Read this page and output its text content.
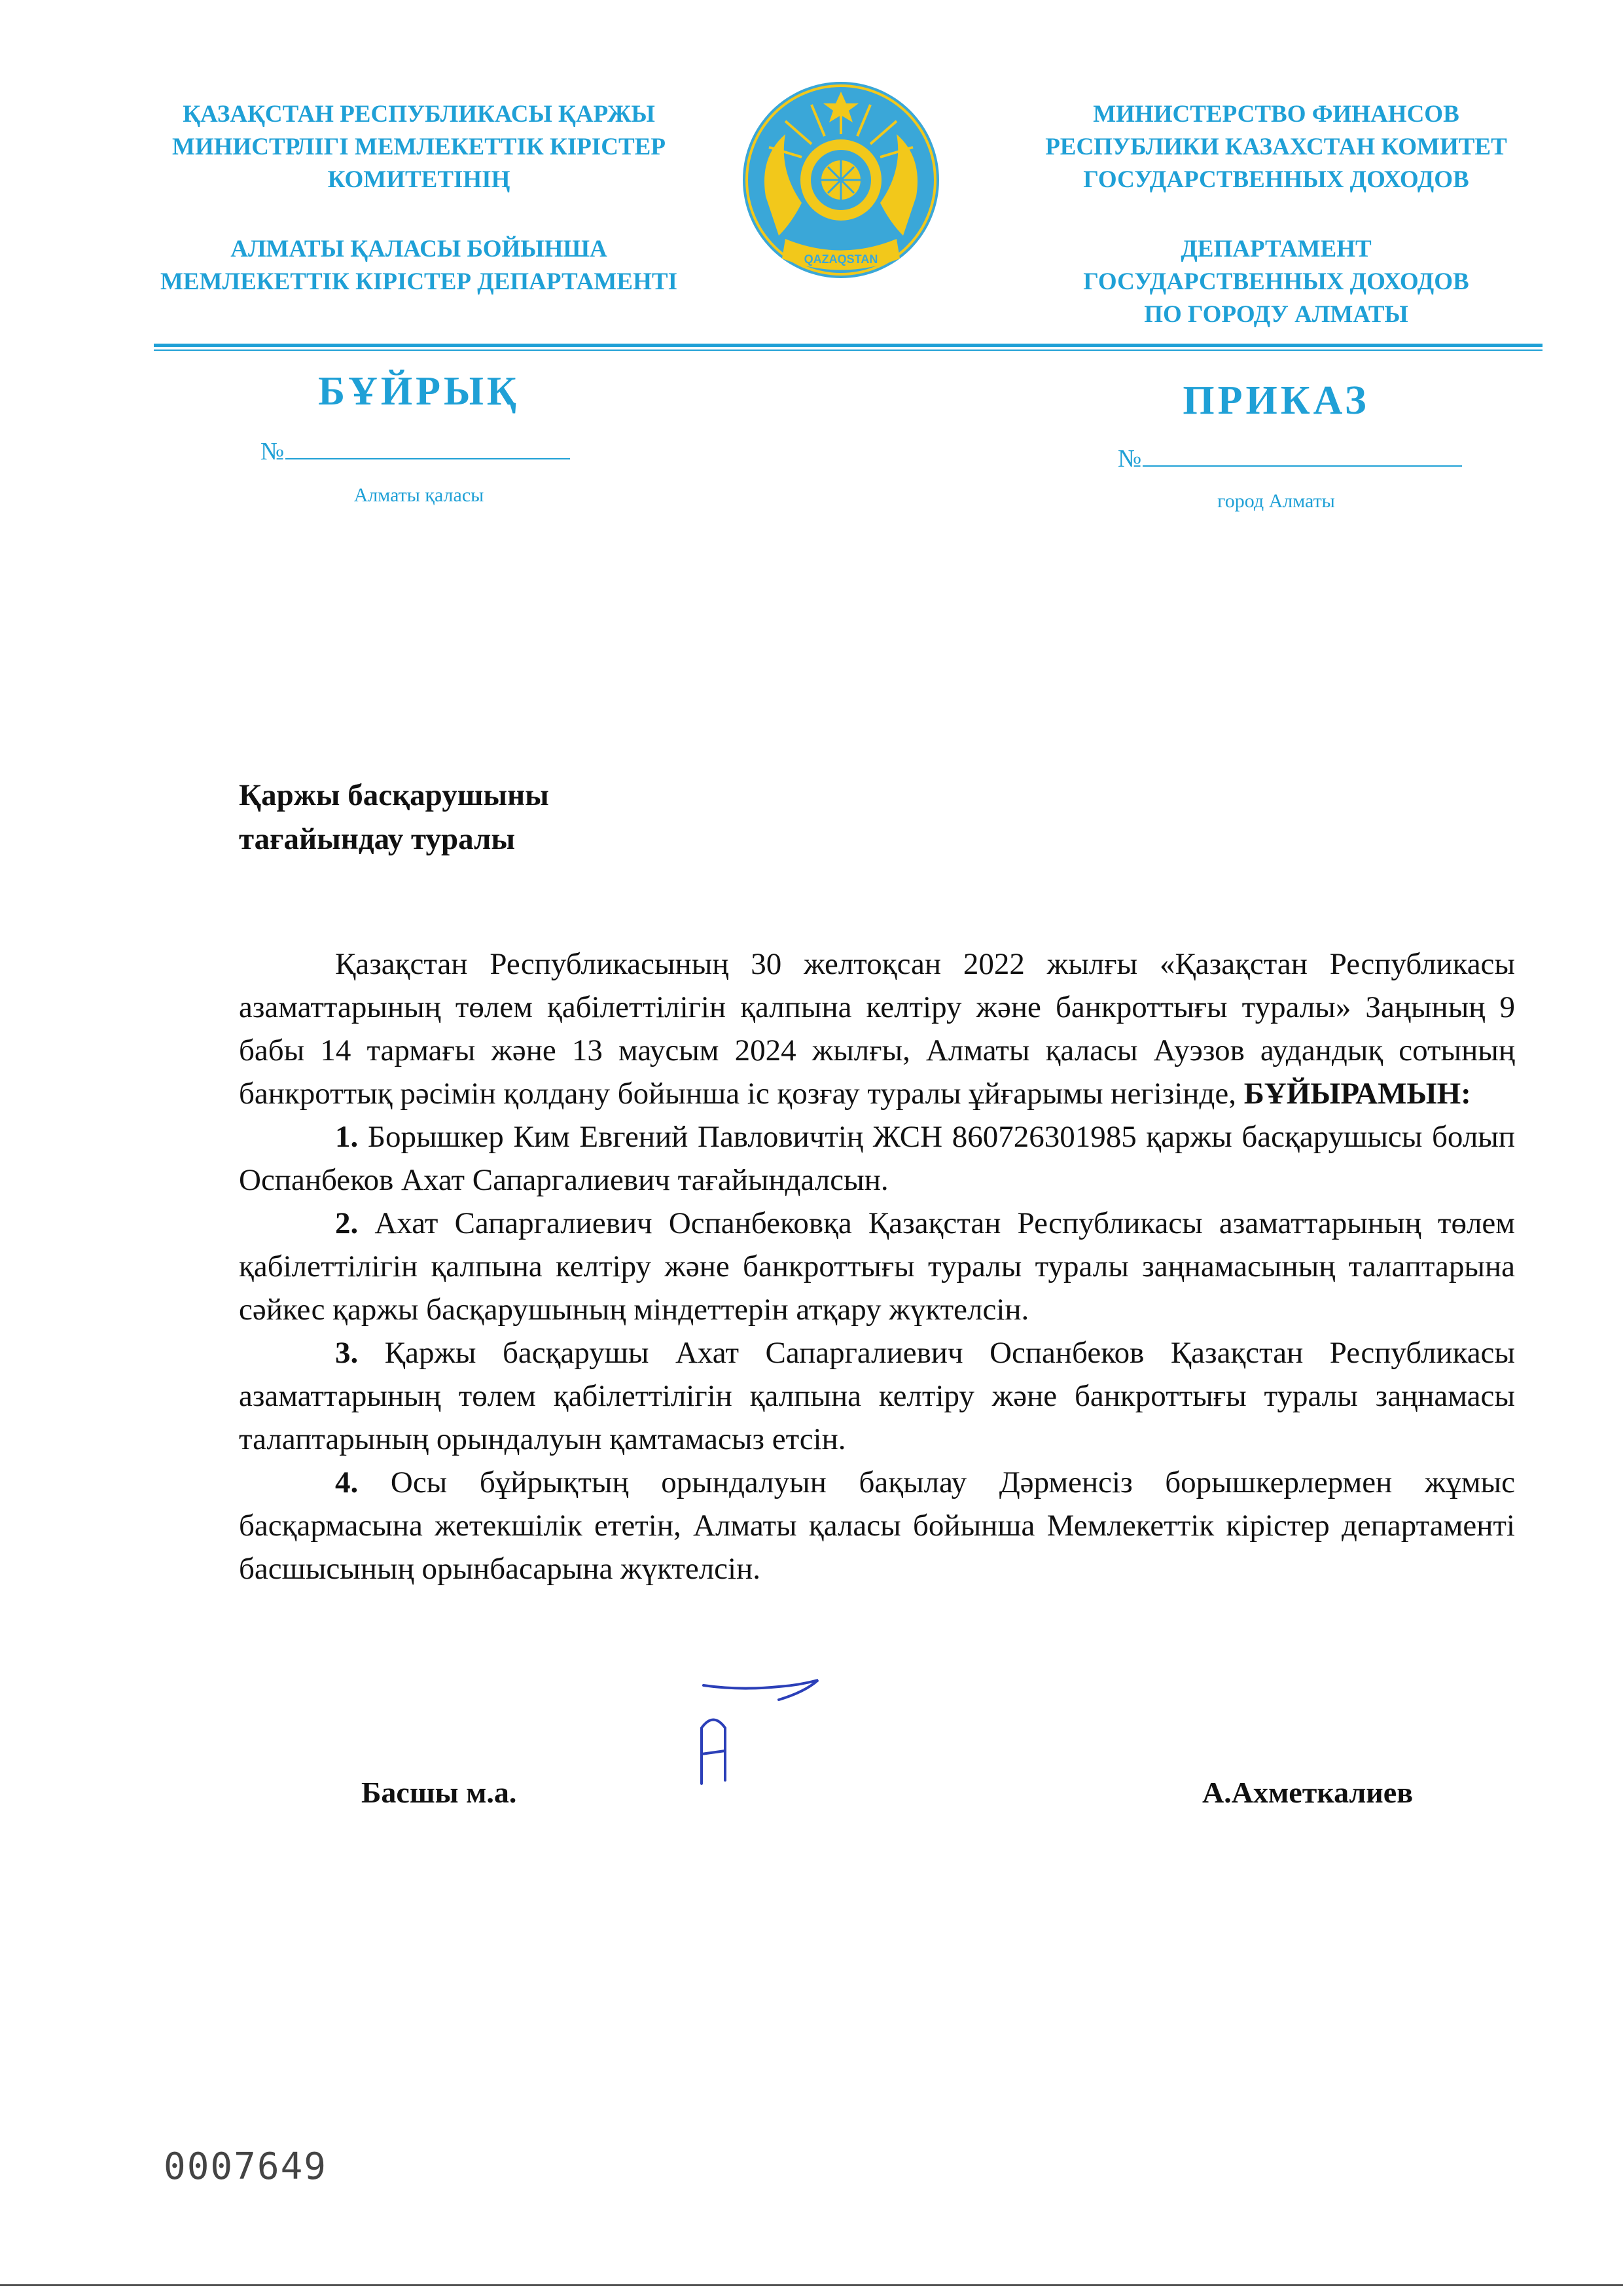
ҚАЗАҚСТАН РЕСПУБЛИКАСЫ ҚАРЖЫ
МИНИСТРЛІГІ МЕМЛЕКЕТТІК КІРІСТЕР
КОМИТЕТІНІҢ
АЛМАТЫ ҚАЛАСЫ БОЙЫНША
МЕМЛЕКЕТТІК КІРІСТЕР ДЕПАРТАМЕНТІ
QAZAQSTAN
МИНИСТЕРСТВО ФИНАНСОВ
РЕСПУБЛИКИ КАЗАХСТАН КОМИТЕТ
ГОСУДАРСТВЕННЫХ ДОХОДОВ
ДЕПАРТАМЕНТ
ГОСУДАРСТВЕННЫХ ДОХОДОВ
ПО ГОРОДУ АЛМАТЫ
БҰЙРЫҚ	ПРИКАЗ
№	№
Алматы қаласы	город Алматы
Қаржы басқарушыны
тағайындау туралы

Қазақстан Республикасының 30 желтоқсан 2022 жылғы «Қазақстан Республикасы азаматтарының төлем қабілеттілігін қалпына келтіру және банкроттығы туралы» Заңының 9 бабы 14 тармағы және 13 маусым 2024 жылғы, Алматы қаласы Ауэзов аудандық сотының банкроттық рәсімін қолдану бойынша іс қозғау туралы ұйғарымы негізінде, БҰЙЫРАМЫН:

1. Борышкер Ким Евгений Павловичтің ЖСН 860726301985 қаржы басқарушысы болып Оспанбеков Ахат Сапаргалиевич тағайындалсын.

2. Ахат Сапаргалиевич Оспанбековқа Қазақстан Республикасы азаматтарының төлем қабілеттілігін қалпына келтіру және банкроттығы туралы туралы заңнамасының талаптарына сәйкес қаржы басқарушының міндеттерін атқару жүктелсін.

3. Қаржы басқарушы Ахат Сапаргалиевич Оспанбеков Қазақстан Республикасы азаматтарының төлем қабілеттілігін қалпына келтіру және банкроттығы туралы заңнамасы талаптарының орындалуын қамтамасыз етсін.

4. Осы бұйрықтың орындалуын бақылау Дәрменсіз борышкерлермен жұмыс басқармасына жетекшілік ететін, Алматы қаласы бойынша Мемлекеттік кірістер департаменті басшысының орынбасарына жүктелсін.

Басшы м.а.	А.Ахметкалиев
0007649
